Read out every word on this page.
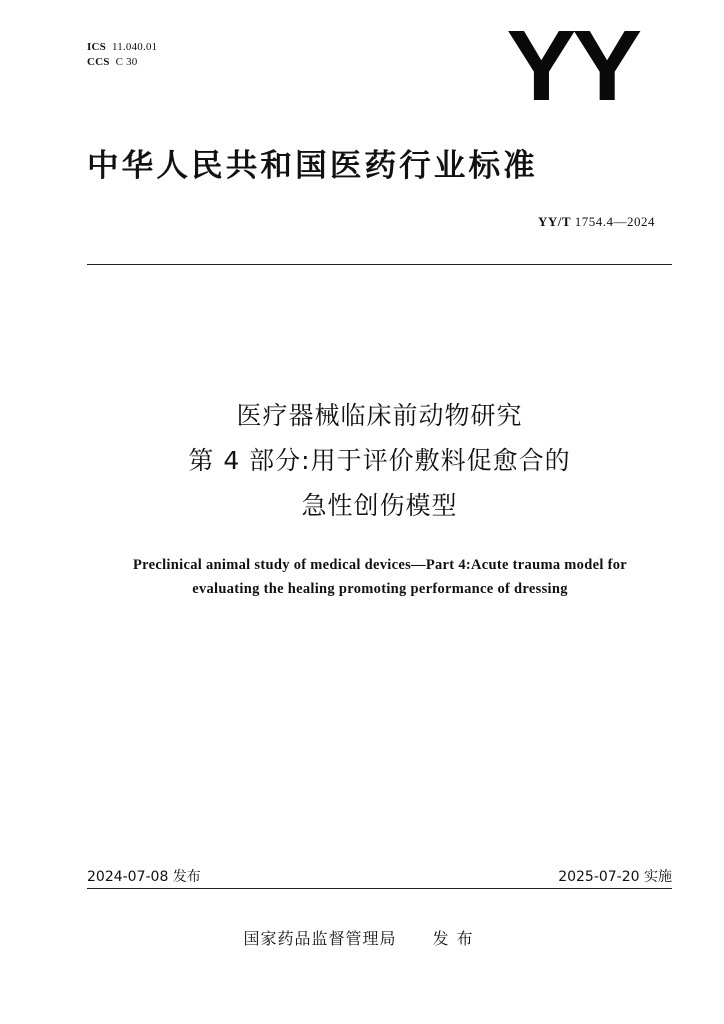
ICS 11.040.01
CCS C 30	YY
中华人民共和国医药行业标准
YY/T 1754.4—2024
医疗器械临床前动物研究
第 4 部分:用于评价敷料促愈合的
急性创伤模型
Preclinical animal study of medical devices—Part 4:Acute trauma model for
evaluating the healing promoting performance of dressing
2024-07-08 发布	2025-07-20 实施
国家药品监督管理局 发布
